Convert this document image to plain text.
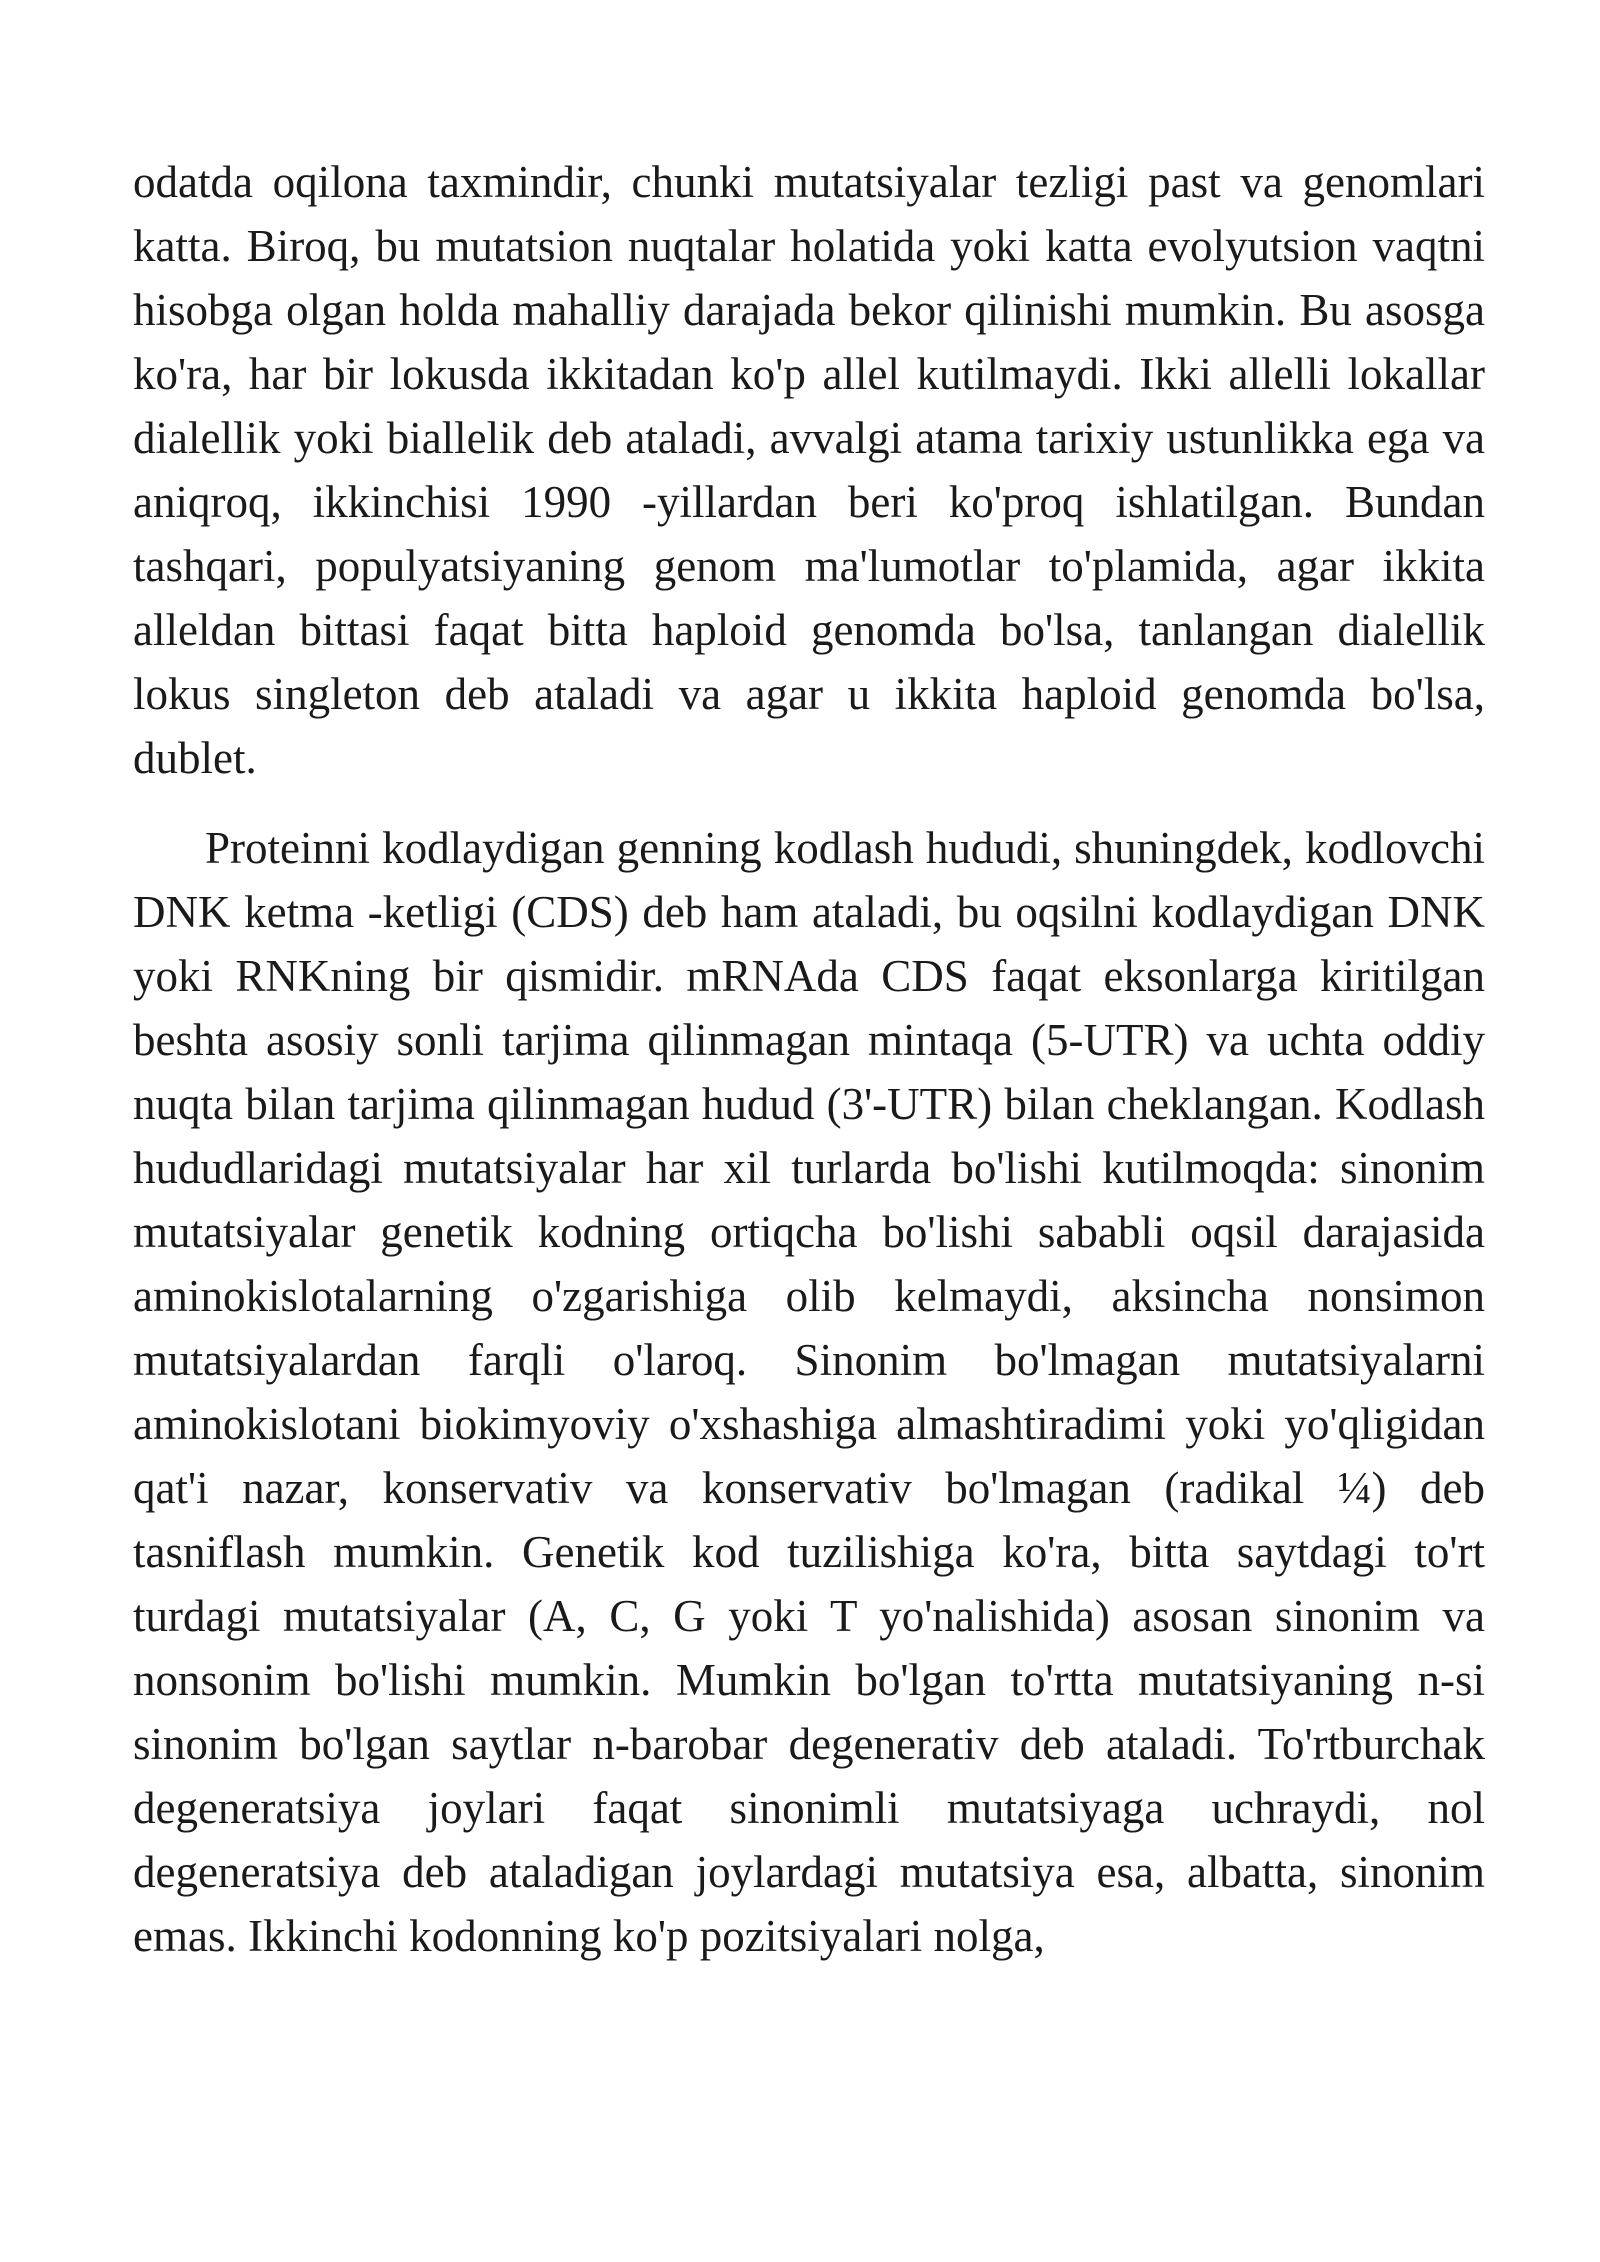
odatda oqilona taxmindir, chunki mutatsiyalar tezligi past va genomlari katta. Biroq, bu mutatsion nuqtalar holatida yoki katta evolyutsion vaqtni hisobga olgan holda mahalliy darajada bekor qilinishi mumkin. Bu asosga ko'ra, har bir lokusda ikkitadan ko'p allel kutilmaydi. Ikki allelli lokallar dialellik yoki biallelik deb ataladi, avvalgi atama tarixiy ustunlikka ega va aniqroq, ikkinchisi 1990 -yillardan beri ko'proq ishlatilgan. Bundan tashqari, populyatsiyaning genom ma'lumotlar to'plamida, agar ikkita alleldan bittasi faqat bitta haploid genomda bo'lsa, tanlangan dialellik lokus singleton deb ataladi va agar u ikkita haploid genomda bo'lsa, dublet.

Proteinni kodlaydigan genning kodlash hududi, shuningdek, kodlovchi DNK ketma -ketligi (CDS) deb ham ataladi, bu oqsilni kodlaydigan DNK yoki RNKning bir qismidir. mRNAda CDS faqat eksonlarga kiritilgan beshta asosiy sonli tarjima qilinmagan mintaqa (5-UTR) va uchta oddiy nuqta bilan tarjima qilinmagan hudud (3'-UTR) bilan cheklangan. Kodlash hududlaridagi mutatsiyalar har xil turlarda bo'lishi kutilmoqda: sinonim mutatsiyalar genetik kodning ortiqcha bo'lishi sababli oqsil darajasida aminokislotalarning o'zgarishiga olib kelmaydi, aksincha nonsimon mutatsiyalardan farqli o'laroq. Sinonim bo'lmagan mutatsiyalarni aminokislotani biokimyoviy o'xshashiga almashtiradimi yoki yo'qligidan qat'i nazar, konservativ va konservativ bo'lmagan (radikal ¼) deb tasniflash mumkin. Genetik kod tuzilishiga ko'ra, bitta saytdagi to'rt turdagi mutatsiyalar (A, C, G yoki T yo'nalishida) asosan sinonim va nonsonim bo'lishi mumkin. Mumkin bo'lgan to'rtta mutatsiyaning n-si sinonim bo'lgan saytlar n-barobar degenerativ deb ataladi. To'rtburchak degeneratsiya joylari faqat sinonimli mutatsiyaga uchraydi, nol degeneratsiya deb ataladigan joylardagi mutatsiya esa, albatta, sinonim emas. Ikkinchi kodonning ko'p pozitsiyalari nolga,
